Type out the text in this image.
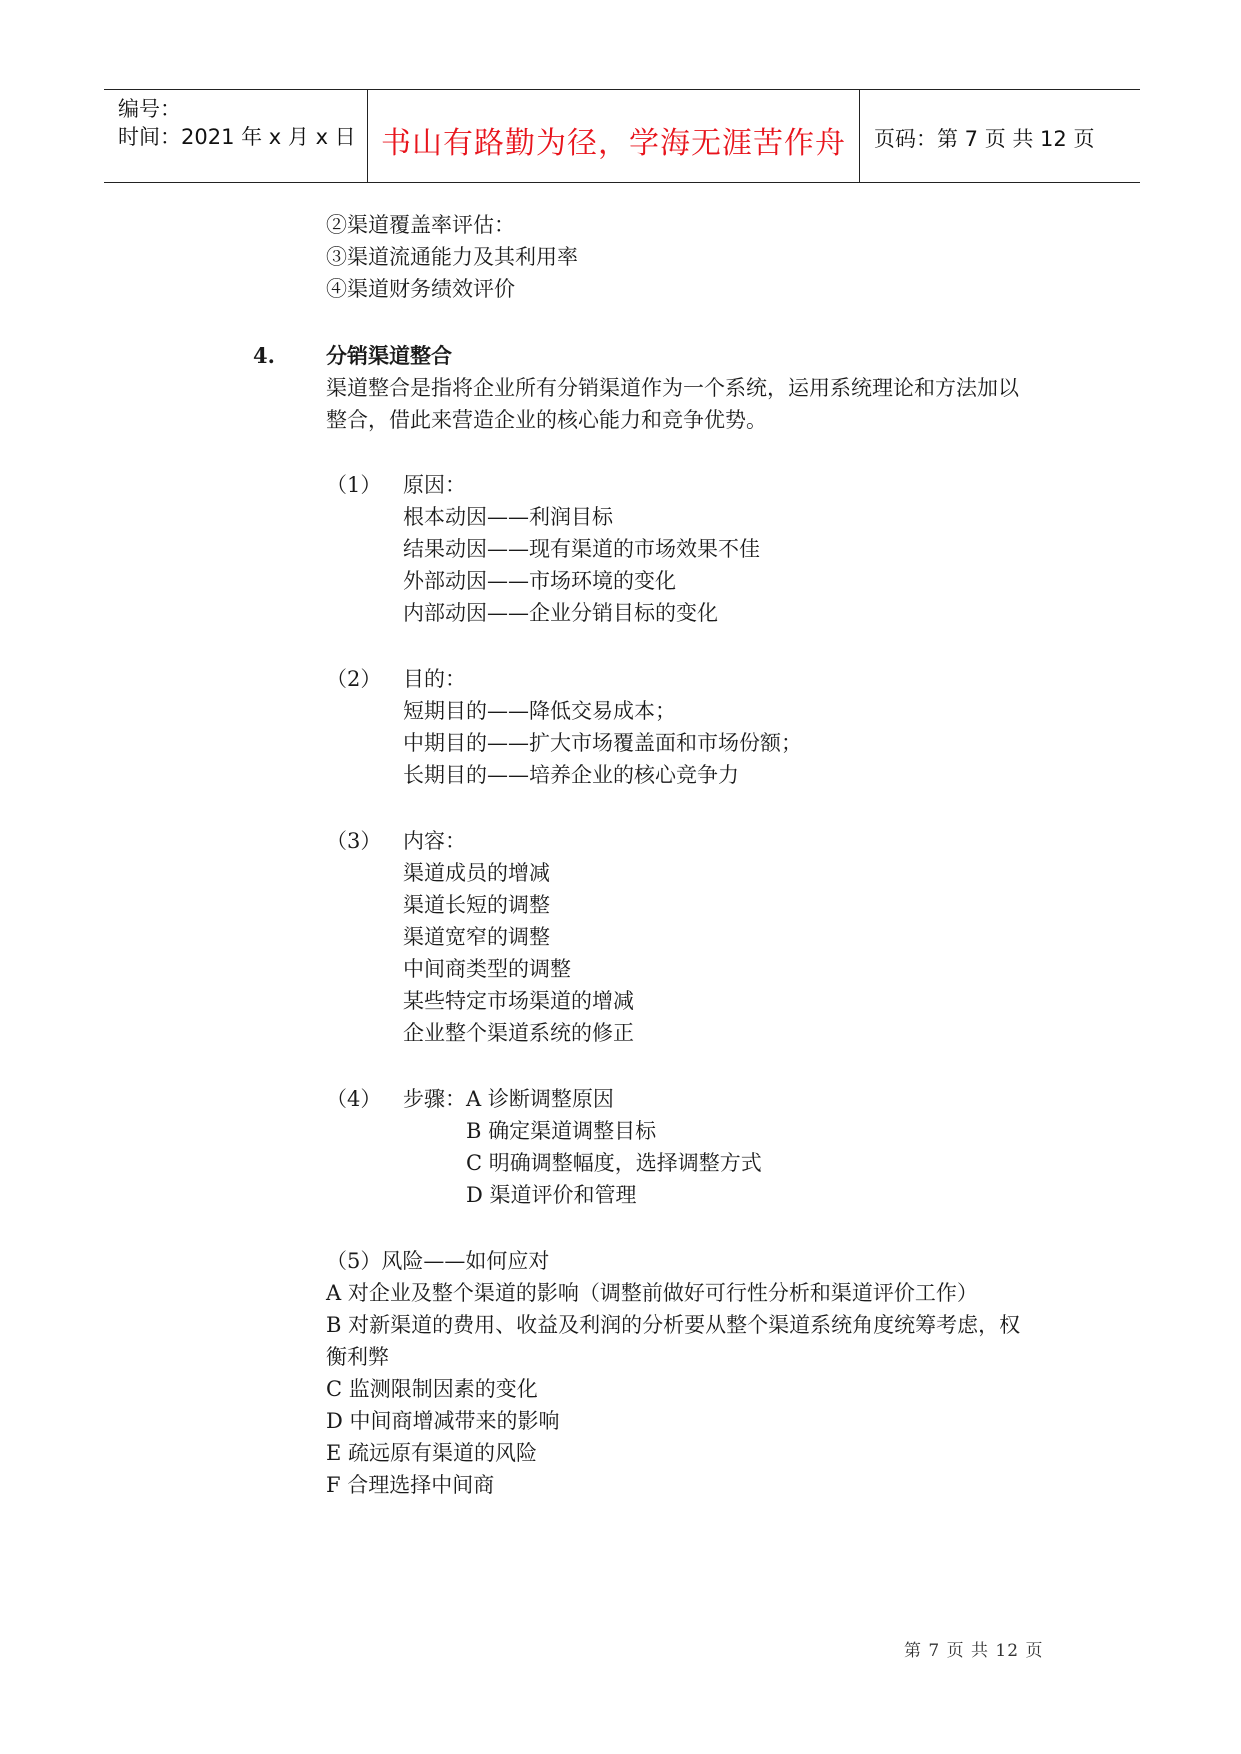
编号：
时间：2021 年 x 月 x 日 书山有路勤为径，学海无涯苦作舟	页码：第 7 页 共 12 页
②渠道覆盖率评估：
③渠道流通能力及其利用率
④渠道财务绩效评价
4. 分销渠道整合
渠道整合是指将企业所有分销渠道作为一个系统，运用系统理论和方法加以
整合，借此来营造企业的核心能力和竞争优势。
（1） 原因：
根本动因——利润目标
结果动因——现有渠道的市场效果不佳
外部动因——市场环境的变化
内部动因——企业分销目标的变化
（2） 目的：
短期目的——降低交易成本；
中期目的——扩大市场覆盖面和市场份额；
长期目的——培养企业的核心竞争力
（3） 内容：
渠道成员的增减
渠道长短的调整
渠道宽窄的调整
中间商类型的调整
某些特定市场渠道的增减
企业整个渠道系统的修正
（4） 步骤： A 诊断调整原因
B 确定渠道调整目标
C 明确调整幅度，选择调整方式
D 渠道评价和管理
（5）风险——如何应对
A 对企业及整个渠道的影响（调整前做好可行性分析和渠道评价工作）
B 对新渠道的费用、收益及利润的分析要从整个渠道系统角度统筹考虑，权
衡利弊
C 监测限制因素的变化
D 中间商增减带来的影响
E 疏远原有渠道的风险
F 合理选择中间商
第 7 页 共 12 页
